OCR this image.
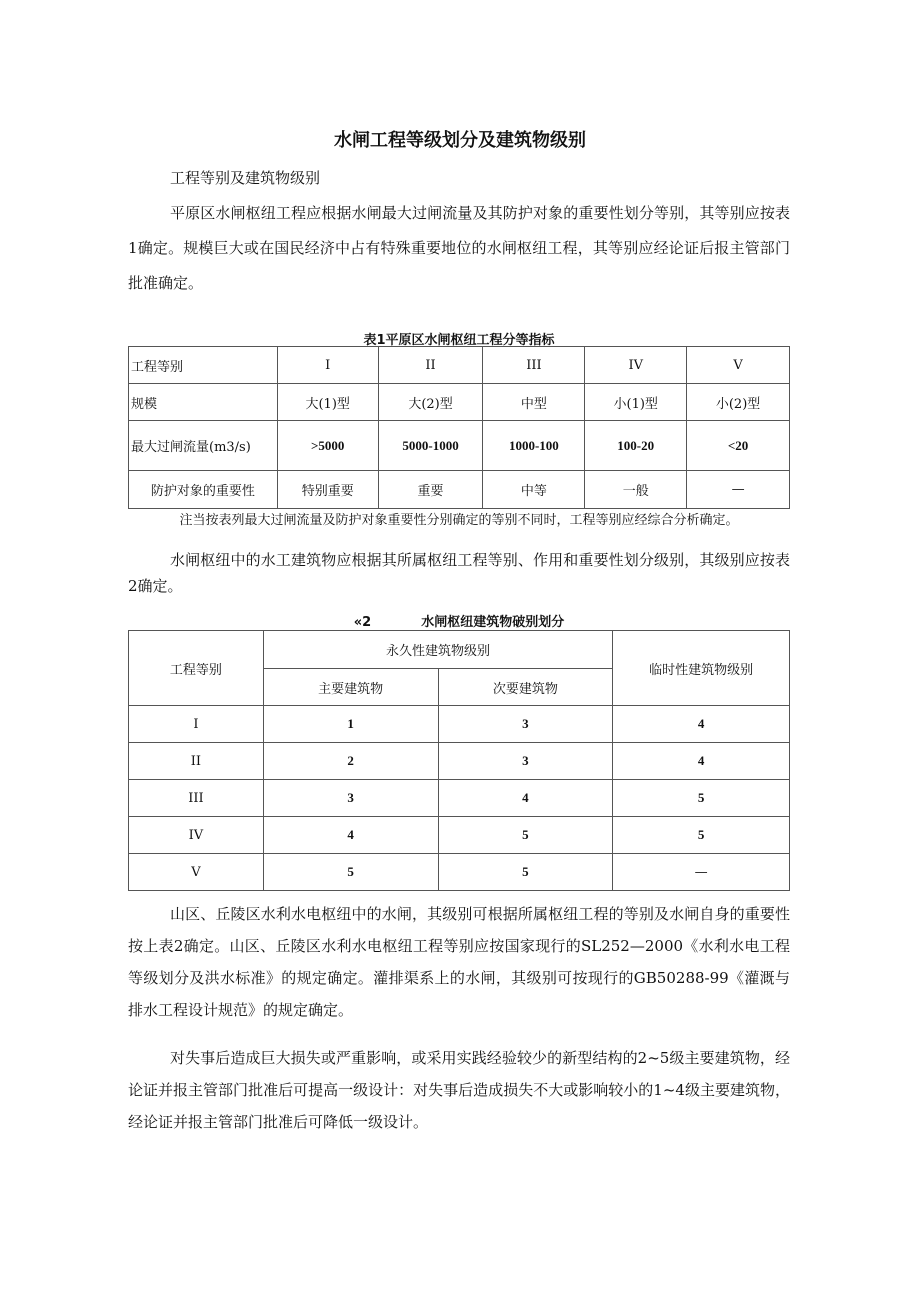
水闸工程等级划分及建筑物级别
工程等别及建筑物级别
平原区水闸枢纽工程应根据水闸最大过闸流量及其防护对象的重要性划分等别，其等别应按表1确定。规模巨大或在国民经济中占有特殊重要地位的水闸枢纽工程，其等别应经论证后报主管部门批准确定。
表1平原区水闸枢纽工程分等指标
工程等别	I	II	III	IV	V
规模	大(1)型	大(2)型	中型	小(1)型	小(2)型
最大过闸流量(m3/s)	>5000	5000-1000	1000-100	100-20	<20
防护对象的重要性	特别重要	重要	中等	一般	—
注当按表列最大过闸流量及防护对象重要性分别确定的等别不同时，工程等别应经综合分析确定。
水闸枢纽中的水工建筑物应根据其所属枢纽工程等别、作用和重要性划分级别，其级别应按表2确定。
«2	水闸枢纽建筑物破别划分
工程等别	永久性建筑物级别		临时性建筑物级别
	主要建筑物	次要建筑物	
I	1	3	4
II	2	3	4
III	3	4	5
IV	4	5	5
V	5	5	—
山区、丘陵区水利水电枢纽中的水闸，其级别可根据所属枢纽工程的等别及水闸自身的重要性按上表2确定。山区、丘陵区水利水电枢纽工程等别应按国家现行的SL252—2000《水利水电工程等级划分及洪水标准》的规定确定。灌排渠系上的水闸，其级别可按现行的GB50288-99《灌溉与排水工程设计规范》的规定确定。
对失事后造成巨大损失或严重影响，或采用实践经验较少的新型结构的2~5级主要建筑物，经论证并报主管部门批准后可提高一级设计：对失事后造成损失不大或影响较小的1~4级主要建筑物，经论证并报主管部门批准后可降低一级设计。
